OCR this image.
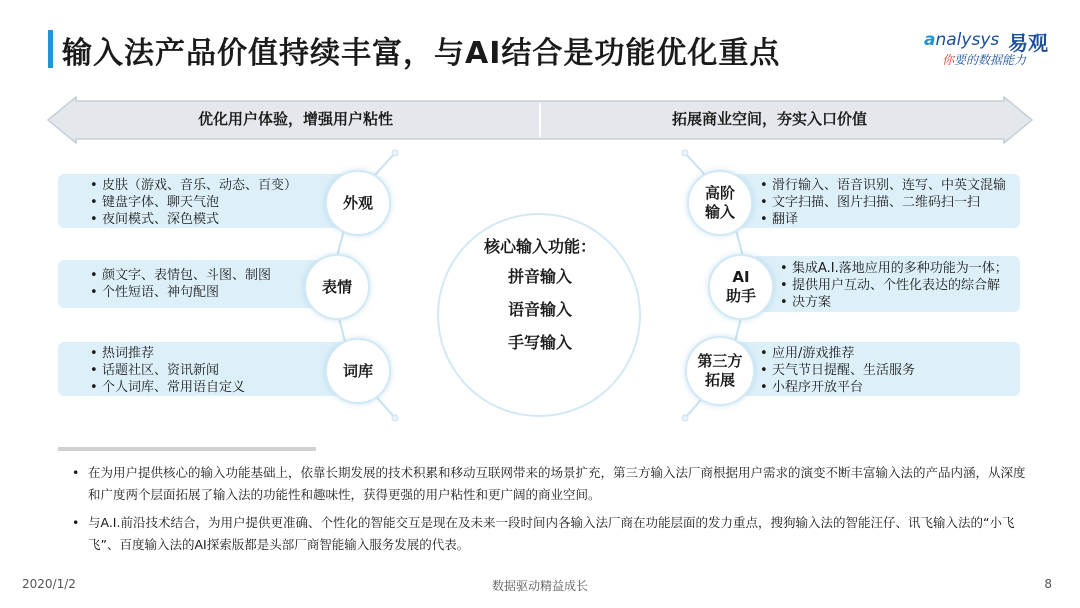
输入法产品价值持续丰富，与AI结合是功能优化重点	analysys 易观
你要的数据能力
优化用户体验，增强用户粘性	拓展商业空间，夯实入口价值
• 皮肤（游戏、音乐、动态、百变）
• 键盘字体、聊天气泡
• 夜间模式、深色模式
• 颜文字、表情包、斗图、制图
• 个性短语、神句配图
• 热词推荐
• 话题社区、资讯新闻
• 个人词库、常用语自定义
外观
表情
词库
• 滑行输入、语音识别、连写、中英文混输
• 文字扫描、图片扫描、二维码扫一扫
• 翻译
• 集成A.I.落地应用的多种功能为一体；
• 提供用户互动、个性化表达的综合解
• 决方案
• 应用/游戏推荐
• 天气节日提醒、生活服务
• 小程序开放平台
高阶
输入
AI
助手
第三方
拓展
核心输入功能：
拼音输入
语音输入
手写输入
• 在为用户提供核心的输入功能基础上，依靠长期发展的技术积累和移动互联网带来的场景扩充，第三方输入法厂商根据用户需求的演变不断丰富输入法的产品内涵，从深度和广度两个层面拓展了输入法的功能性和趣味性，获得更强的用户粘性和更广阔的商业空间。
• 与A.I.前沿技术结合，为用户提供更准确、个性化的智能交互是现在及未来一段时间内各输入法厂商在功能层面的发力重点，搜狗输入法的智能汪仔、讯飞输入法的“小飞飞”、百度输入法的AI探索版都是头部厂商智能输入服务发展的代表。
2020/1/2	数据驱动精益成长	8
